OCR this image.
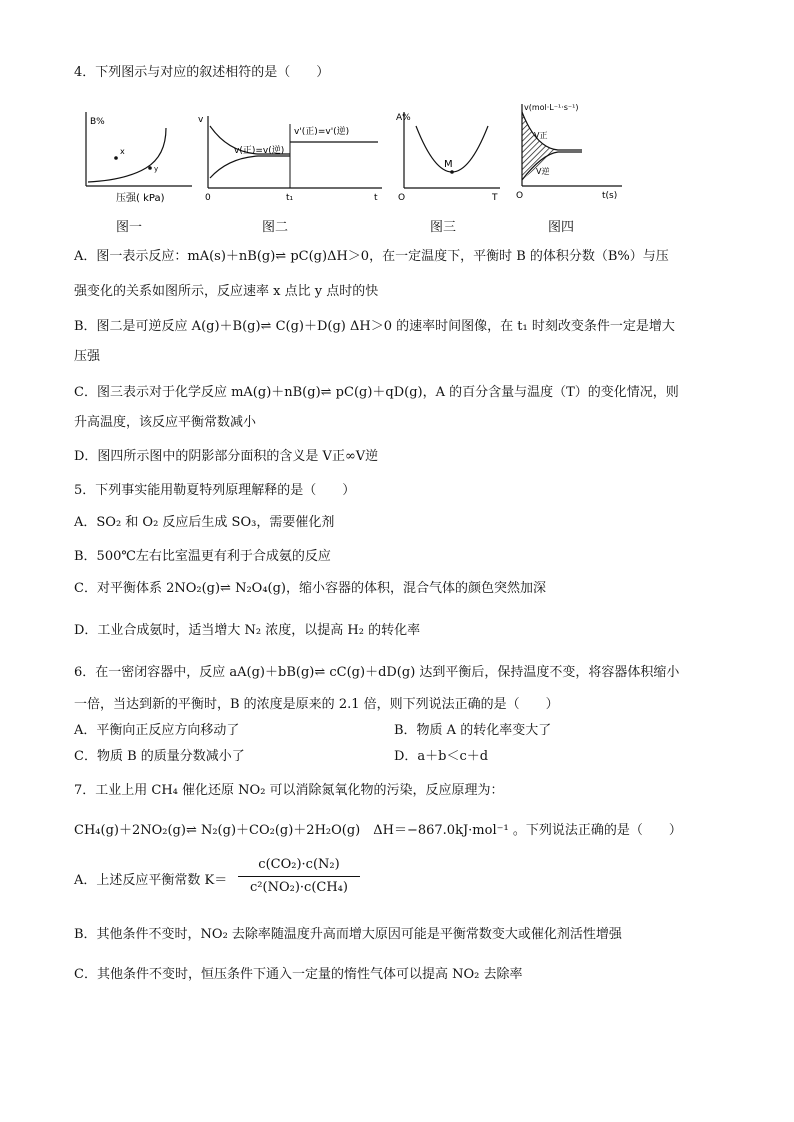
4．下列图示与对应的叙述相符的是（　　）
B%
x
y
压强( kPa)
图一
v
0	t₁	t
v'(正)=v'(逆)
v(正)=v(逆)
图二
A%
O	T
M
图三
v(mol·L⁻¹·s⁻¹)
V正
V逆
O	t(s)
图四
A．图一表示反应：mA(s)＋nB(g)⇌ pC(g)ΔH＞0，在一定温度下，平衡时 B 的体积分数（B%）与压
强变化的关系如图所示，反应速率 x 点比 y 点时的快
B．图二是可逆反应 A(g)＋B(g)⇌ C(g)＋D(g) ΔH＞0 的速率时间图像，在 t₁ 时刻改变条件一定是增大
压强
C．图三表示对于化学反应 mA(g)＋nB(g)⇌ pC(g)＋qD(g)，A 的百分含量与温度（T）的变化情况，则
升高温度，该反应平衡常数减小
D．图四所示图中的阴影部分面积的含义是 V正∞V逆
5．下列事实能用勒夏特列原理解释的是（　　）
A．SO₂ 和 O₂ 反应后生成 SO₃，需要催化剂
B．500℃左右比室温更有利于合成氨的反应
C．对平衡体系 2NO₂(g)⇌ N₂O₄(g)，缩小容器的体积，混合气体的颜色突然加深
D．工业合成氨时，适当增大 N₂ 浓度，以提高 H₂ 的转化率
6．在一密闭容器中，反应 aA(g)＋bB(g)⇌ cC(g)＋dD(g) 达到平衡后，保持温度不变，将容器体积缩小
一倍，当达到新的平衡时，B 的浓度是原来的 2.1 倍，则下列说法正确的是（　　）
A．平衡向正反应方向移动了	B．物质 A 的转化率变大了
C．物质 B 的质量分数减小了	D．a＋b＜c＋d
7．工业上用 CH₄ 催化还原 NO₂ 可以消除氮氧化物的污染，反应原理为：
CH₄(g)＋2NO₂(g)⇌ N₂(g)＋CO₂(g)＋2H₂O(g)　ΔH＝−867.0kJ·mol⁻¹ 。下列说法正确的是（　　）
A．上述反应平衡常数 K＝
c(CO₂)·c(N₂)
c²(NO₂)·c(CH₄)
B．其他条件不变时，NO₂ 去除率随温度升高而增大原因可能是平衡常数变大或催化剂活性增强
C．其他条件不变时，恒压条件下通入一定量的惰性气体可以提高 NO₂ 去除率
